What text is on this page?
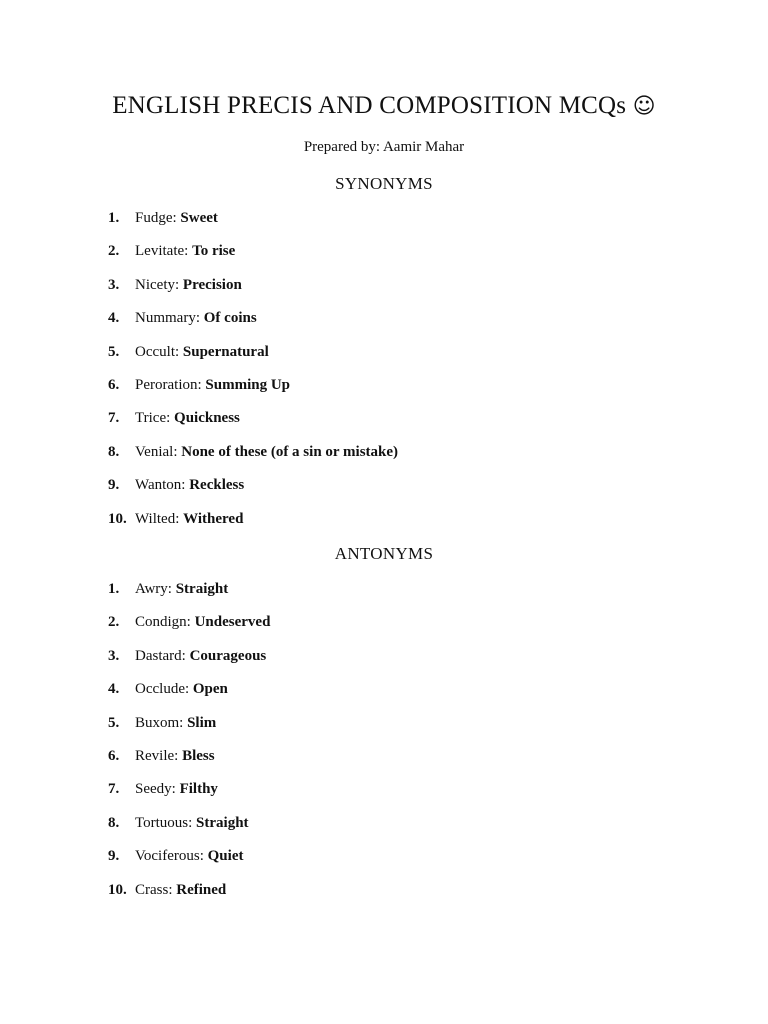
ENGLISH PRECIS AND COMPOSITION MCQs ☺
Prepared by: Aamir Mahar
SYNONYMS
1. Fudge: Sweet
2. Levitate: To rise
3. Nicety: Precision
4. Nummary: Of coins
5. Occult: Supernatural
6. Peroration: Summing Up
7. Trice: Quickness
8. Venial: None of these (of a sin or mistake)
9. Wanton: Reckless
10. Wilted: Withered
ANTONYMS
1. Awry: Straight
2. Condign: Undeserved
3. Dastard: Courageous
4. Occlude: Open
5. Buxom: Slim
6. Revile: Bless
7. Seedy: Filthy
8. Tortuous: Straight
9. Vociferous: Quiet
10. Crass: Refined
